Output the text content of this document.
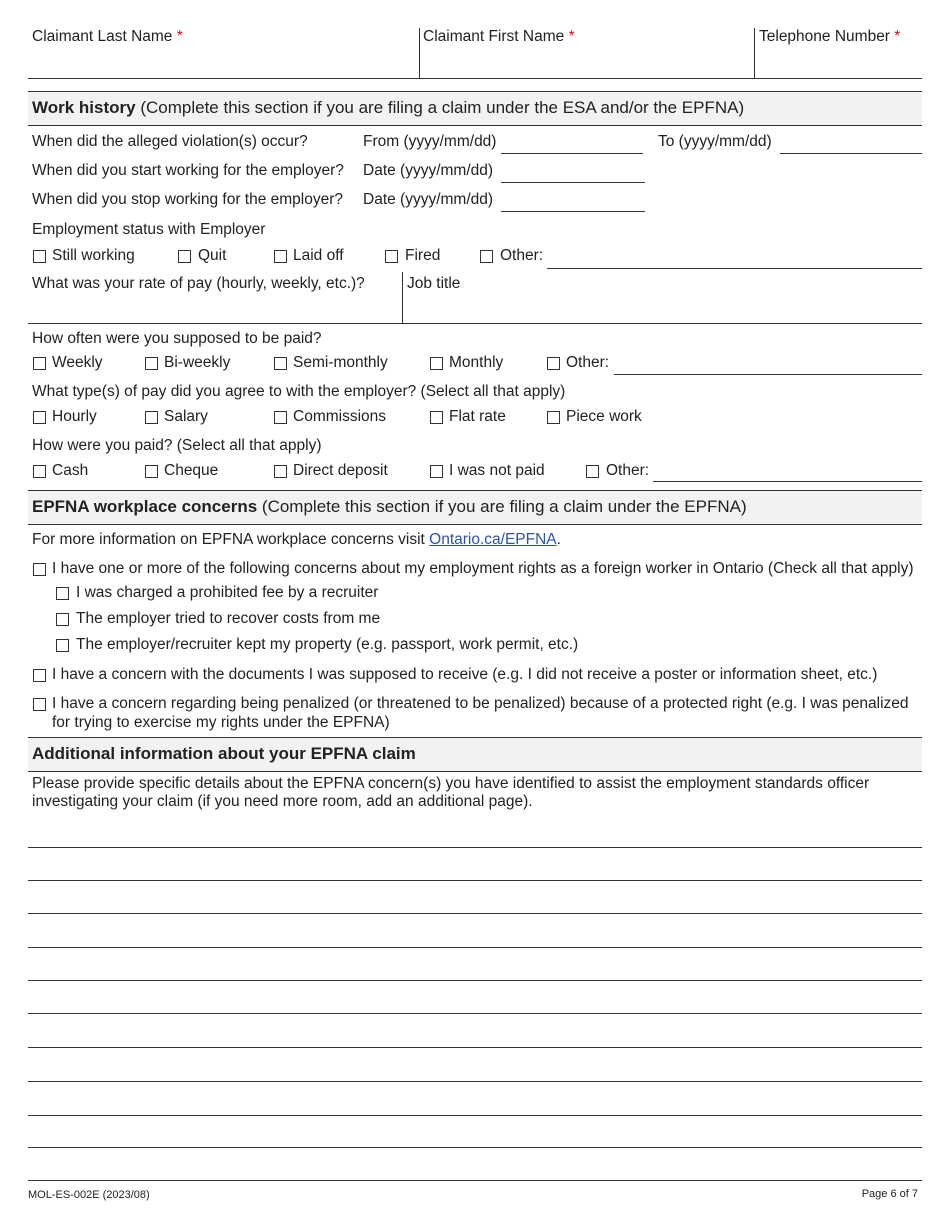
Claimant Last Name *	Claimant First Name *	Telephone Number *
Work history (Complete this section if you are filing a claim under the ESA and/or the EPFNA)
When did the alleged violation(s) occur?	From (yyyy/mm/dd)	To (yyyy/mm/dd)
When did you start working for the employer? Date (yyyy/mm/dd)
When did you stop working for the employer? Date (yyyy/mm/dd)
Employment status with Employer
Still working	Quit	Laid off	Fired	Other:
What was your rate of pay (hourly, weekly, etc.)?	Job title
How often were you supposed to be paid?
Weekly	Bi-weekly	Semi-monthly	Monthly	Other:
What type(s) of pay did you agree to with the employer? (Select all that apply)
Hourly	Salary	Commissions	Flat rate	Piece work
How were you paid? (Select all that apply)
Cash	Cheque	Direct deposit	I was not paid	Other:
EPFNA workplace concerns (Complete this section if you are filing a claim under the EPFNA)
For more information on EPFNA workplace concerns visit Ontario.ca/EPFNA.
I have one or more of the following concerns about my employment rights as a foreign worker in Ontario (Check all that apply)
I was charged a prohibited fee by a recruiter
The employer tried to recover costs from me
The employer/recruiter kept my property (e.g. passport, work permit, etc.)
I have a concern with the documents I was supposed to receive (e.g. I did not receive a poster or information sheet, etc.)
I have a concern regarding being penalized (or threatened to be penalized) because of a protected right (e.g. I was penalized
for trying to exercise my rights under the EPFNA)
Additional information about your EPFNA claim
Please provide specific details about the EPFNA concern(s) you have identified to assist the employment standards officer
investigating your claim (if you need more room, add an additional page).
MOL-ES-002E (2023/08)	Page 6 of 7
